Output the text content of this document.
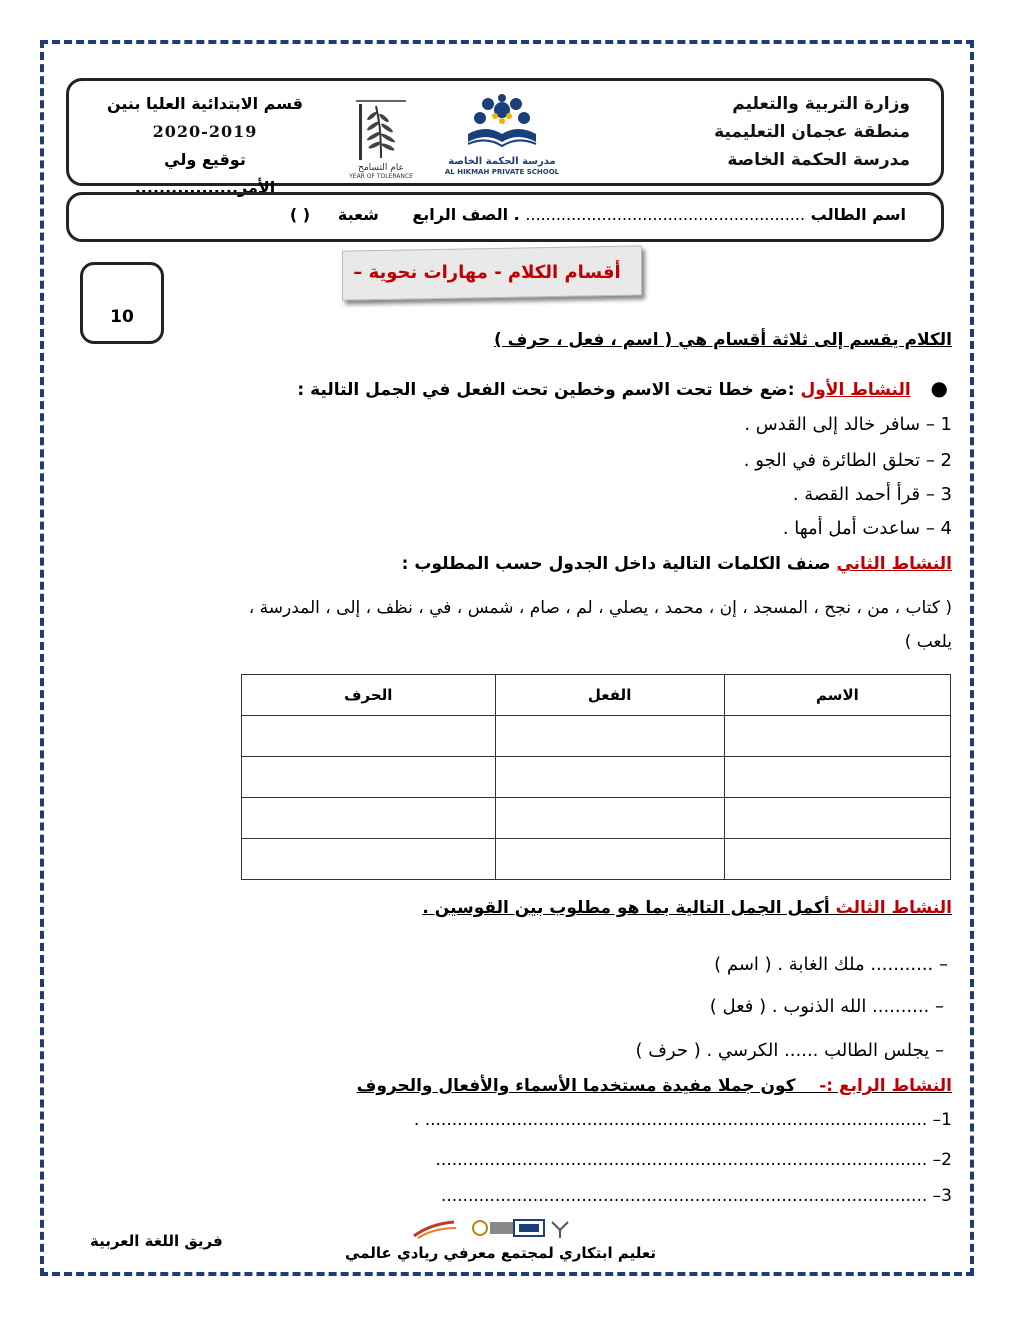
وزارة التربية والتعليم
منطقة عجمان التعليمية
مدرسة الحكمة الخاصة
قسم الابتدائية العليا بنين
2020-2019
توقيع ولي الأمر.................
عام التسامح
YEAR OF TOLERANCE
مدرسة الحكمة الخاصة
AL HIKMAH PRIVATE SCHOOL
اسم الطالب ....................................................... . الصف الرابع      شعبة     ( )
أقسام الكلام - مهارات نحوية –
10
الكلام يقسم إلى ثلاثة أقسام هي ( اسم ، فعل ، حرف )
●   النشاط الأول :ضع خطا تحت الاسم وخطين تحت الفعل في الجمل التالية :
1 – سافر خالد إلى القدس .
2 – تحلق الطائرة في الجو .
3 – قرأ أحمد القصة .
4 – ساعدت أمل أمها .
النشاط الثاني صنف الكلمات التالية داخل الجدول حسب المطلوب :
( كتاب ، من ، نجح ، المسجد ، إن ، محمد ، يصلي ، لم ، صام ، شمس ، في ، نظف ، إلى ، المدرسة ،
يلعب )
الاسم	الفعل	الحرف

النشاط الثالث أكمل الجمل التالية بما هو مطلوب بين القوسين .
– ........... ملك الغابة . ( اسم )
– .......... الله الذنوب . ( فعل )
– يجلس الطالب ...... الكرسي . ( حرف )
النشاط الرابع :-    كون جملا مفيدة مستخدما الأسماء والأفعال والحروف
1– ............................................................................................. .
2– ...........................................................................................
3– ..........................................................................................
فريق اللغة العربية
تعليم ابتكاري لمجتمع معرفي ريادي عالمي
